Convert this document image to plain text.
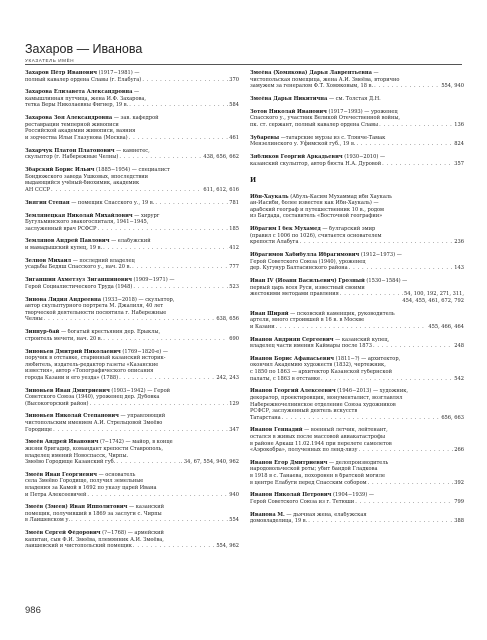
Захаров — Иванова
УКАЗАТЕЛЬ ИМЁН
Захаров Пётр Иванович (1917−1981) —
полный кавалер ордена Славы (г. Елабуга) . . .	370
Захарова Елизавета Александровна —
камышлинная путчица, жена И.Ф. Захарова,
тетка Веры Николаевны Фигнер, 19 в. . . .	584
Захарова Зоя Александровна — зав. кафедрой
реставрации темперной живописи
Российской академии живописи, ваяния
и зодчества Ильи Глазунова (Москва) . . .	461
Захарчук Платон Платонович — камнетес,
скульптор (г. Набережные Челны) . . .	438, 656, 662
Збарский Борис Ильич (1885−1954) — специалист
Бондюжского завода Ушковых, впоследствии
выдающийся учёный-биохимик, академик
АН СССР . . .	611, 612, 616
Звягин Степан — помещик Спасского у., 19 в. . . .	781
Землянецкая Николай Михайлович — хирург
Бугульминского эвакогоспиталя, 1941−1945,
заслуженный врач РСФСР . . .	185
Землянов Андрей Павлович — елабужский
и мамадышский купец, 19 в. . . .	412
Зелнов Михаил — последний владелец
усадьбы Бедяш Спасского у., нач. 20 в. . . .	777
Зиганшин Ахметзуз Зиганшинович (1909−1971) —
Герой Социалистического Труда (1948) . . .	523
Зинова Лидия Андреевна (1933−2018) — скульптор,
автор скульптурного портрета М. Джалиля, 40 лет
творческой деятельности посвятила г. Набережные
Челны . . .	638, 656
Зиннур-бай — богатый крестьянин дер. Ерыклы,
строитель мечети, нач. 20 в. . . .	690
Зиновьев Дмитрий Николаевич (1769−1820-е) —
поручик в отставке, старинный казанский историк-
любитель, издатель-редактор газеты «Казанские
известия», автор «Топографического описания
города Казани и его уезда» (1788) . . .	242, 243
Зиновьев Иван Дмитриевич (1903−1942) — Герой
Советского Союза (1940), уроженец дер. Дубовка
(Высокогорский район) . . .	129
Зиновьев Николай Степанович — управляющий
чистопольским имением А.И. Стрельцовой Змеёво
Городище . . .	347
Змеёв Андрей Иванович (?−1742) — майор, в конце
жизни бригадир, командант крепости Ставрополь,
владелец имений Новоспасск, Чирпы.
Змеёво Городище Казанский губ. . . .	. 34, 67, 554, 940, 962
Змеёв Иван Георгиевич — основатель
села Змеёво Городище, получил земельные
владения за Камой в 1692 по указу царей Ивана
и Петра Алексеевичей . . .	940
Змеёв (Змеев) Иван Ипполитович — казанский
помещик, получивший в 1869 за заслуги с. Чирпы
в Лаишевском у. . . .	554
Змеёв Сергей Фёдорович (?−1768) — армейский
капитан, сын Ф.И. Змеёва, племянник А.И. Змеёва,
лаишевский и чистопольский помещик . . .	554, 962
Змеёва (Хомякова) Дарья Лаврентьевна —
чистопольская помещица, жена А.И. Змеёва, вторично
замужем за генералом Ф.Т. Хомяковым, 18 в. . . .	554, 940
Змеёва Дарья Никитична — см. Толстая Д.Н.
Зотов Николай Иванович (1917−1993) — уроженец
Спасского у., участник Великой Отечественной войны,
пк. ст. сержант, полный кавалер ордена Славы . . .	136
Зубаревы —татарские мурзы из с. Тлянче-Тамак
Мензелинского у. Уфимской губ., 19 в. . . .	824
Зябликов Георгий Аркадьевич (1930−2010) —
казанский скульптор, автор бюста Н.А. Дуровой . . .	357
И
Ибн-Хаукаль (Абуль-Касим Мухаммад ибн Хаукаль
ан-Иасиби, более известен как Ибн-Хаукаль) —
арабский географ и путешественник 10 в., родом
из Багдада, составитель «Восточной географии»
Ибрагим I бек Мухамед — булгарский эмир
(правил с 1006 по 1026), считается основателем
крепости Алабуга . . .	236
Ибрагимов Хабибулла Ибрагимович (1912−1973) —
Герой Советского Союза (1940), уроженец
дер. Кугунур Балтасинского района . . .	143
Иван IV (Иоанн Васильевич) Грозный (1530−1584) —
первый царь всея Руси, известный своими
жестокими методами правления . . .	54, 100, 192, 271, 311,
454, 455, 461, 672, 792
Иван Ширяй — псковский каменщик, руководитель
артели, много строившей в 16 в. в Москве
и Казани . . .	455, 466, 464
Иванов Андриян Сергеевич — казанский купец,
владелец части имения Каймары после 1873 . . .	248
Иванов Борис Афанасьевич (1811−?) — архитектор,
окончил Академию художеств (1832), чертежник,
с 1850 по 1863 — архитектор Казанской губернской
палаты, с 1863 в отставке . . .	542
Иванов Георгий Алексеевич (1946−2013) — художник,
декоратор, проектировщик, монументалист, возглавлял
Набережночелнинское отделение Союза художников
РСФСР, заслуженный деятель искусств
Татарстана . . .	656, 663
Иванов Геннадий — военный летчик, лейтенант,
остался в живых после массовой авиакатастрофы
в районе Аркаш 11.02.1944 при перелете самолетов
«Аэрокобра», полученных по ленд-лизу . . .	266
Иванов Егор Дмитриевич — делопроизводитель
народовольческой роты; убит бандой Гладкова
в 1918 в с. Танаева, похоронен в братской могиле
в центре Елабуги перед Спасским собором . . .	392
Иванов Николай Петрович (1904−1939) —
Герой Советского Союза из г. Тетюши . . .	799
Иванова М. — дьячная жена, елабужская
домовладелица, 19 в. . . .	388
986
